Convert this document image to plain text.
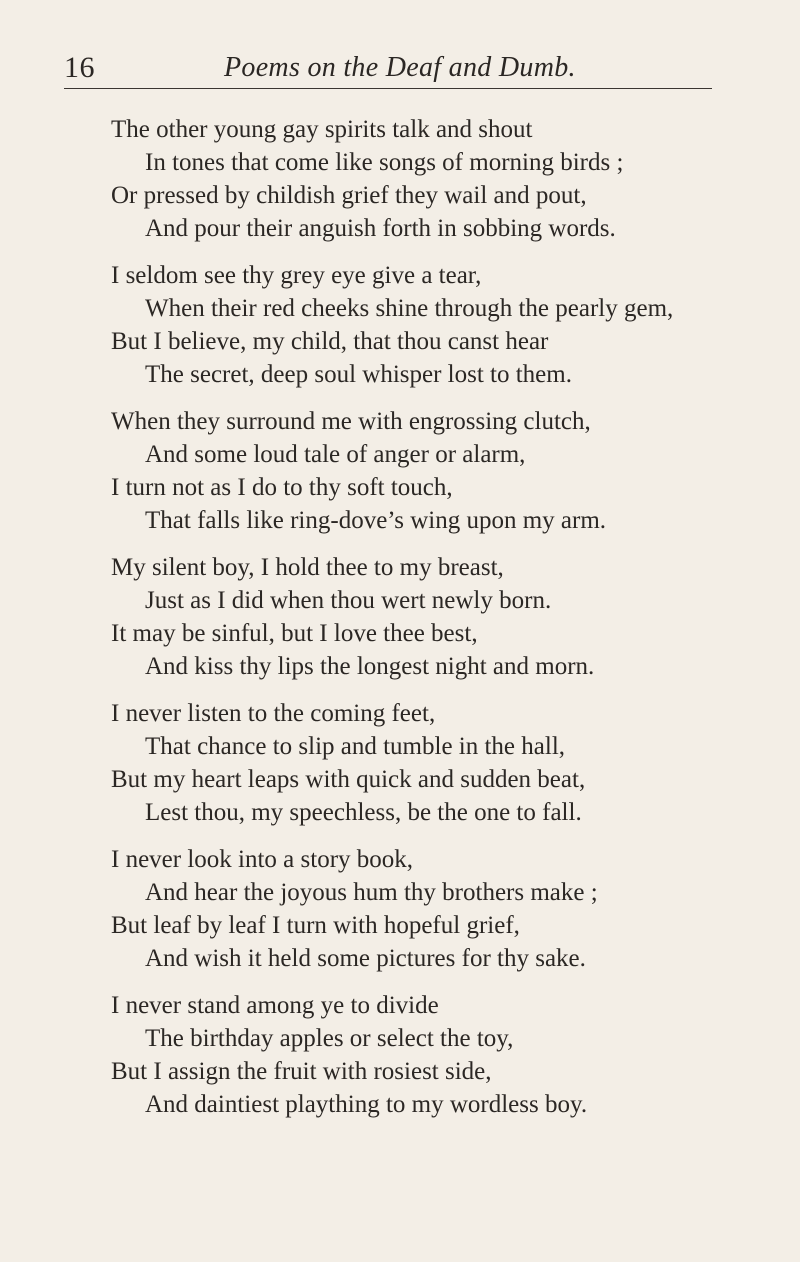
16	Poems on the Deaf and Dumb.
The other young gay spirits talk and shout
In tones that come like songs of morning birds ;
Or pressed by childish grief they wail and pout,
And pour their anguish forth in sobbing words.
I seldom see thy grey eye give a tear,
When their red cheeks shine through the pearly gem,
But I believe, my child, that thou canst hear
The secret, deep soul whisper lost to them.
When they surround me with engrossing clutch,
And some loud tale of anger or alarm,
I turn not as I do to thy soft touch,
That falls like ring-dove’s wing upon my arm.
My silent boy, I hold thee to my breast,
Just as I did when thou wert newly born.
It may be sinful, but I love thee best,
And kiss thy lips the longest night and morn.
I never listen to the coming feet,
That chance to slip and tumble in the hall,
But my heart leaps with quick and sudden beat,
Lest thou, my speechless, be the one to fall.
I never look into a story book,
And hear the joyous hum thy brothers make ;
But leaf by leaf I turn with hopeful grief,
And wish it held some pictures for thy sake.
I never stand among ye to divide
The birthday apples or select the toy,
But I assign the fruit with rosiest side,
And daintiest plaything to my wordless boy.
